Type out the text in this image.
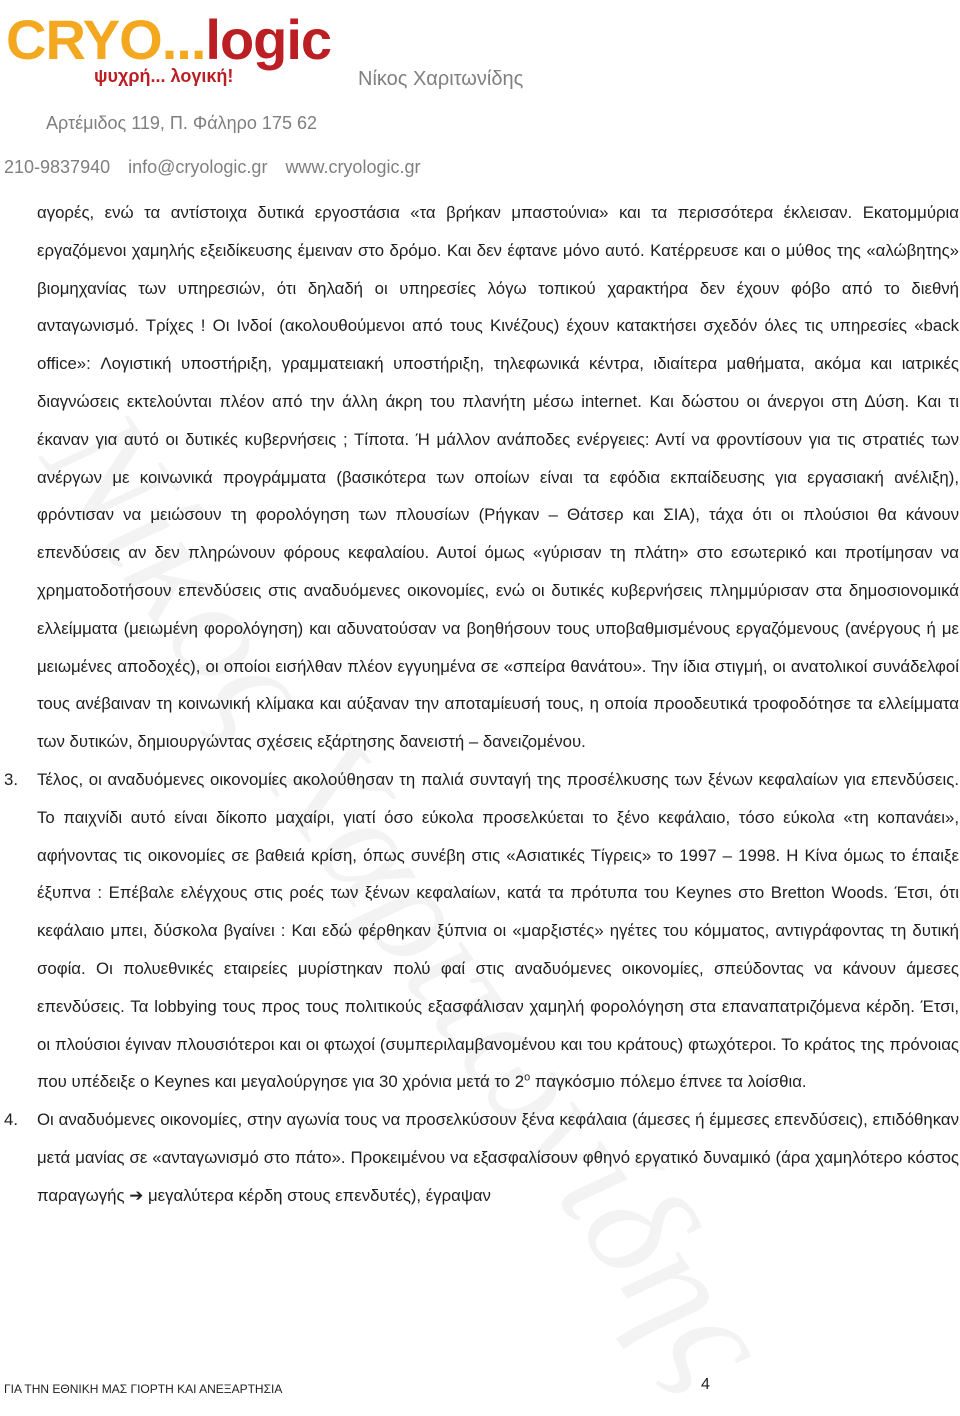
CRYO...logic
ψυχρή... λογική!	Νίκος Χαριτωνίδης
Αρτέμιδος 119, Π. Φάληρο 175 62
210-9837940 info@cryologic.gr www.cryologic.gr

αγορές, ενώ τα αντίστοιχα δυτικά εργοστάσια «τα βρήκαν μπαστούνια» και τα περισσότερα έκλεισαν. Εκατομμύρια εργαζόμενοι χαμηλής εξειδίκευσης έμειναν στο δρόμο. Και δεν έφτανε μόνο αυτό. Κατέρρευσε και ο μύθος της «αλώβητης» βιομηχανίας των υπηρεσιών, ότι δηλαδή οι υπηρεσίες λόγω τοπικού χαρακτήρα δεν έχουν φόβο από το διεθνή ανταγωνισμό. Τρίχες ! Οι Ινδοί (ακολουθούμενοι από τους Κινέζους) έχουν κατακτήσει σχεδόν όλες τις υπηρεσίες «back office»: Λογιστική υποστήριξη, γραμματειακή υποστήριξη, τηλεφωνικά κέντρα, ιδιαίτερα μαθήματα, ακόμα και ιατρικές διαγνώσεις εκτελούνται πλέον από την άλλη άκρη του πλανήτη μέσω internet. Και δώστου οι άνεργοι στη Δύση. Και τι έκαναν για αυτό οι δυτικές κυβερνήσεις ; Τίποτα. Ή μάλλον ανάποδες ενέργειες: Αντί να φροντίσουν για τις στρατιές των ανέργων με κοινωνικά προγράμματα (βασικότερα των οποίων είναι τα εφόδια εκπαίδευσης για εργασιακή ανέλιξη), φρόντισαν να μειώσουν τη φορολόγηση των πλουσίων (Ρήγκαν – Θάτσερ και ΣΙΑ), τάχα ότι οι πλούσιοι θα κάνουν επενδύσεις αν δεν πληρώνουν φόρους κεφαλαίου. Αυτοί όμως «γύρισαν τη πλάτη» στο εσωτερικό και προτίμησαν να χρηματοδοτήσουν επενδύσεις στις αναδυόμενες οικονομίες, ενώ οι δυτικές κυβερνήσεις πλημμύρισαν στα δημοσιονομικά ελλείμματα (μειωμένη φορολόγηση) και αδυνατούσαν να βοηθήσουν τους υποβαθμισμένους εργαζόμενους (ανέργους ή με μειωμένες αποδοχές), οι οποίοι εισήλθαν πλέον εγγυημένα σε «σπείρα θανάτου». Την ίδια στιγμή, οι ανατολικοί συνάδελφοί τους ανέβαιναν τη κοινωνική κλίμακα και αύξαναν την αποταμίευσή τους, η οποία προοδευτικά τροφοδότησε τα ελλείμματα των δυτικών, δημιουργώντας σχέσεις εξάρτησης δανειστή – δανειζομένου.

3. Τέλος, οι αναδυόμενες οικονομίες ακολούθησαν τη παλιά συνταγή της προσέλκυσης των ξένων κεφαλαίων για επενδύσεις. Το παιχνίδι αυτό είναι δίκοπο μαχαίρι, γιατί όσο εύκολα προσελκύεται το ξένο κεφάλαιο, τόσο εύκολα «τη κοπανάει», αφήνοντας τις οικονομίες σε βαθειά κρίση, όπως συνέβη στις «Ασιατικές Τίγρεις» το 1997 – 1998. Η Κίνα όμως το έπαιξε έξυπνα : Επέβαλε ελέγχους στις ροές των ξένων κεφαλαίων, κατά τα πρότυπα του Keynes στο Bretton Woods. Έτσι, ότι κεφάλαιο μπει, δύσκολα βγαίνει : Και εδώ φέρθηκαν ξύπνια οι «μαρξιστές» ηγέτες του κόμματος, αντιγράφοντας τη δυτική σοφία. Οι πολυεθνικές εταιρείες μυρίστηκαν πολύ φαί στις αναδυόμενες οικονομίες, σπεύδοντας να κάνουν άμεσες επενδύσεις. Τα lobbying τους προς τους πολιτικούς εξασφάλισαν χαμηλή φορολόγηση στα επαναπατριζόμενα κέρδη. Έτσι, οι πλούσιοι έγιναν πλουσιότεροι και οι φτωχοί (συμπεριλαμβανομένου και του κράτους) φτωχότεροι. Το κράτος της πρόνοιας που υπέδειξε ο Keynes και μεγαλούργησε για 30 χρόνια μετά το $2^o$ παγκόσμιο πόλεμο έπνεε τα λοίσθια.

4. Οι αναδυόμενες οικονομίες, στην αγωνία τους να προσελκύσουν ξένα κεφάλαια (άμεσες ή έμμεσες επενδύσεις), επιδόθηκαν μετά μανίας σε «ανταγωνισμό στο πάτο». Προκειμένου να εξασφαλίσουν φθηνό εργατικό δυναμικό (άρα χαμηλότερο κόστος παραγωγής ➔ μεγαλύτερα κέρδη στους επενδυτές), έγραψαν

ΓΙΑ ΤΗΝ ΕΘΝΙΚΗ ΜΑΣ ΓΙΟΡΤΗ ΚΑΙ ΑΝΕΞΑΡΤΗΣΙΑ	4
